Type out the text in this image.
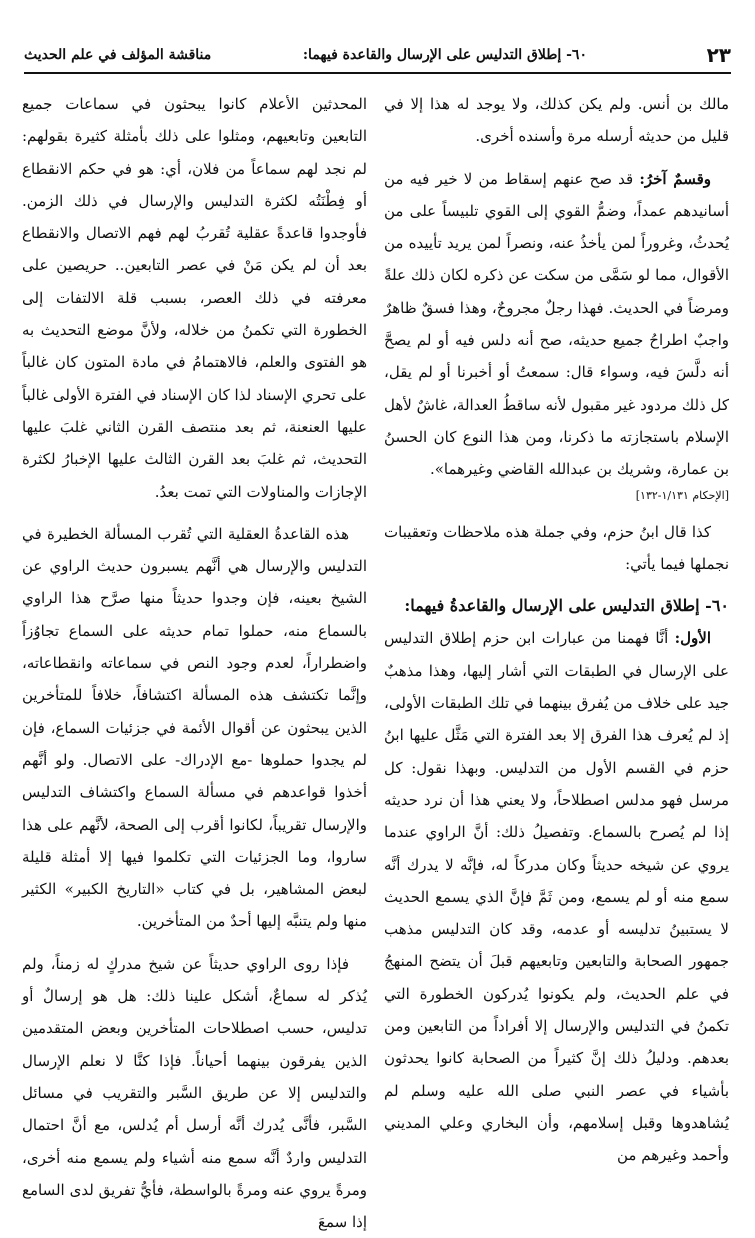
٢٣
٦٠- إطلاق التدليس على الإرسال والقاعدة فيهما:
مناقشة المؤلف في علم الحديث

مالك بن أنس. ولم يكن كذلك، ولا يوجد له هذا إلا في قليل من حديثه أرسله مرة وأسنده أخرى.

وقسمٌ آخرُ: قد صح عنهم إسقاط من لا خير فيه من أسانيدهم عمداً، وضمُّ القوي إلى القوي تلبيساً على من يُحدثُ، وغروراً لمن يأخذُ عنه، ونصراً لمن يريد تأييده من الأقوال، مما لو سَمَّى من سكت عن ذكره لكان ذلك علةً ومرضاً في الحديث. فهذا رجلٌ مجروحٌ، وهذا فسقٌ ظاهرٌ واجبٌ اطراحُ جميع حديثه، صح أنه دلس فيه أو لم يصحَّ أنه دلَّسَ فيه، وسواء قال: سمعتُ أو أخبرنا أو لم يقل، كل ذلك مردود غير مقبول لأنه ساقطُ العدالة، غاشٌ لأهل الإسلام باستجازته ما ذكرنا، ومن هذا النوع كان الحسنُ بن عمارة، وشريك بن عبدالله القاضي وغيرهما».

[الإحكام ١/١٣١-١٣٢]

كذا قال ابنُ حزم، وفي جملة هذه ملاحظات وتعقيبات نجملها فيما يأتي:

٦٠- إطلاق التدليس على الإرسال والقاعدةُ فيهما:

الأول: أنَّا فهمنا من عبارات ابن حزم إطلاق التدليس على الإرسال في الطبقات التي أشار إليها، وهذا مذهبٌ جيد على خلاف من يُفرق بينهما في تلك الطبقات الأولى، إذ لم يُعرف هذا الفرق إلا بعد الفترة التي مَثَّل عليها ابنُ حزم في القسم الأول من التدليس. وبهذا نقول: كل مرسل فهو مدلس اصطلاحاً، ولا يعني هذا أن نرد حديثه إذا لم يُصرح بالسماع. وتفصيلُ ذلك: أنَّ الراوي عندما يروي عن شيخه حديثاً وكان مدركاً له، فإنَّه لا يدرك أنَّه سمع منه أو لم يسمع، ومن ثَمَّ فإنَّ الذي يسمع الحديث لا يستبينُ تدليسه أو عدمه، وقد كان التدليس مذهب جمهور الصحابة والتابعين وتابعيهم قبلَ أن يتضح المنهجُ في علم الحديث، ولم يكونوا يُدركون الخطورة التي تكمنُ في التدليس والإرسال إلا أفراداً من التابعين ومن بعدهم. ودليلُ ذلك إنَّ كثيراً من الصحابة كانوا يحدثون بأشياء في عصر النبي صلى الله عليه وسلم لم يُشاهدوها وقبل إسلامهم، وأن البخاري وعلي المديني وأحمد وغيرهم من

المحدثين الأعلام كانوا يبحثون في سماعات جميع التابعين وتابعيهم، ومثلوا على ذلك بأمثلة كثيرة بقولهم: لم نجد لهم سماعاً من فلان، أي: هو في حكم الانقطاع أو فِطْنَتُه لكثرة التدليس والإرسال في ذلك الزمن. فأوجدوا قاعدةً عقلية تُقربُ لهم فهم الاتصال والانقطاع بعد أن لم يكن مَنْ في عصر التابعين.. حريصين على معرفته في ذلك العصر، بسبب قلة الالتفات إلى الخطورة التي تكمنُ من خلاله، ولأنَّ موضع التحديث به هو الفتوى والعلم، فالاهتمامُ في مادة المتون كان غالباً على تحري الإسناد لذا كان الإسناد في الفترة الأولى غالباً عليها العنعنة، ثم بعد منتصف القرن الثاني غلبَ عليها التحديث، ثم غلبَ بعد القرن الثالث عليها الإخبارُ لكثرة الإجازات والمناولات التي تمت بعدُ.

هذه القاعدةُ العقلية التي تُقرب المسألة الخطيرة في التدليس والإرسال هي أنَّهم يسبرون حديث الراوي عن الشيخ بعينه، فإن وجدوا حديثاً منها صرَّح هذا الراوي بالسماع منه، حملوا تمام حديثه على السماع تجاوُزاً واضطراراً، لعدم وجود النص في سماعاته وانقطاعاته، وإنَّما تكتشف هذه المسألة اكتشافاً، خلافاً للمتأخرين الذين يبحثون عن أقوال الأئمة في جزئيات السماع، فإن لم يجدوا حملوها -مع الإدراك- على الاتصال. ولو أنَّهم أخذوا قواعدهم في مسألة السماع واكتشاف التدليس والإرسال تقريباً، لكانوا أقرب إلى الصحة، لأنَّهم على هذا ساروا، وما الجزئيات التي تكلموا فيها إلا أمثلة قليلة لبعض المشاهير، بل في كتاب «التاريخ الكبير» الكثير منها ولم يتنبَّه إليها أحدٌ من المتأخرين.

فإذا روى الراوي حديثاً عن شيخ مدركٍ له زمناً، ولم يُذكر له سماعٌ، أشكل علينا ذلك: هل هو إرسالٌ أو تدليس، حسب اصطلاحات المتأخرين وبعض المتقدمين الذين يفرقون بينهما أحياناً. فإذا كنَّا لا نعلم الإرسال والتدليس إلا عن طريق السَّبر والتقريب في مسائل السَّبر، فأنَّى يُدرك أنَّه أرسل أم يُدلس، مع أنَّ احتمال التدليس واردٌ أنَّه سمع منه أشياء ولم يسمع منه أخرى، ومرةً يروي عنه ومرةً بالواسطة، فأيُّ تفريق لدى السامع إذا سمعَ
